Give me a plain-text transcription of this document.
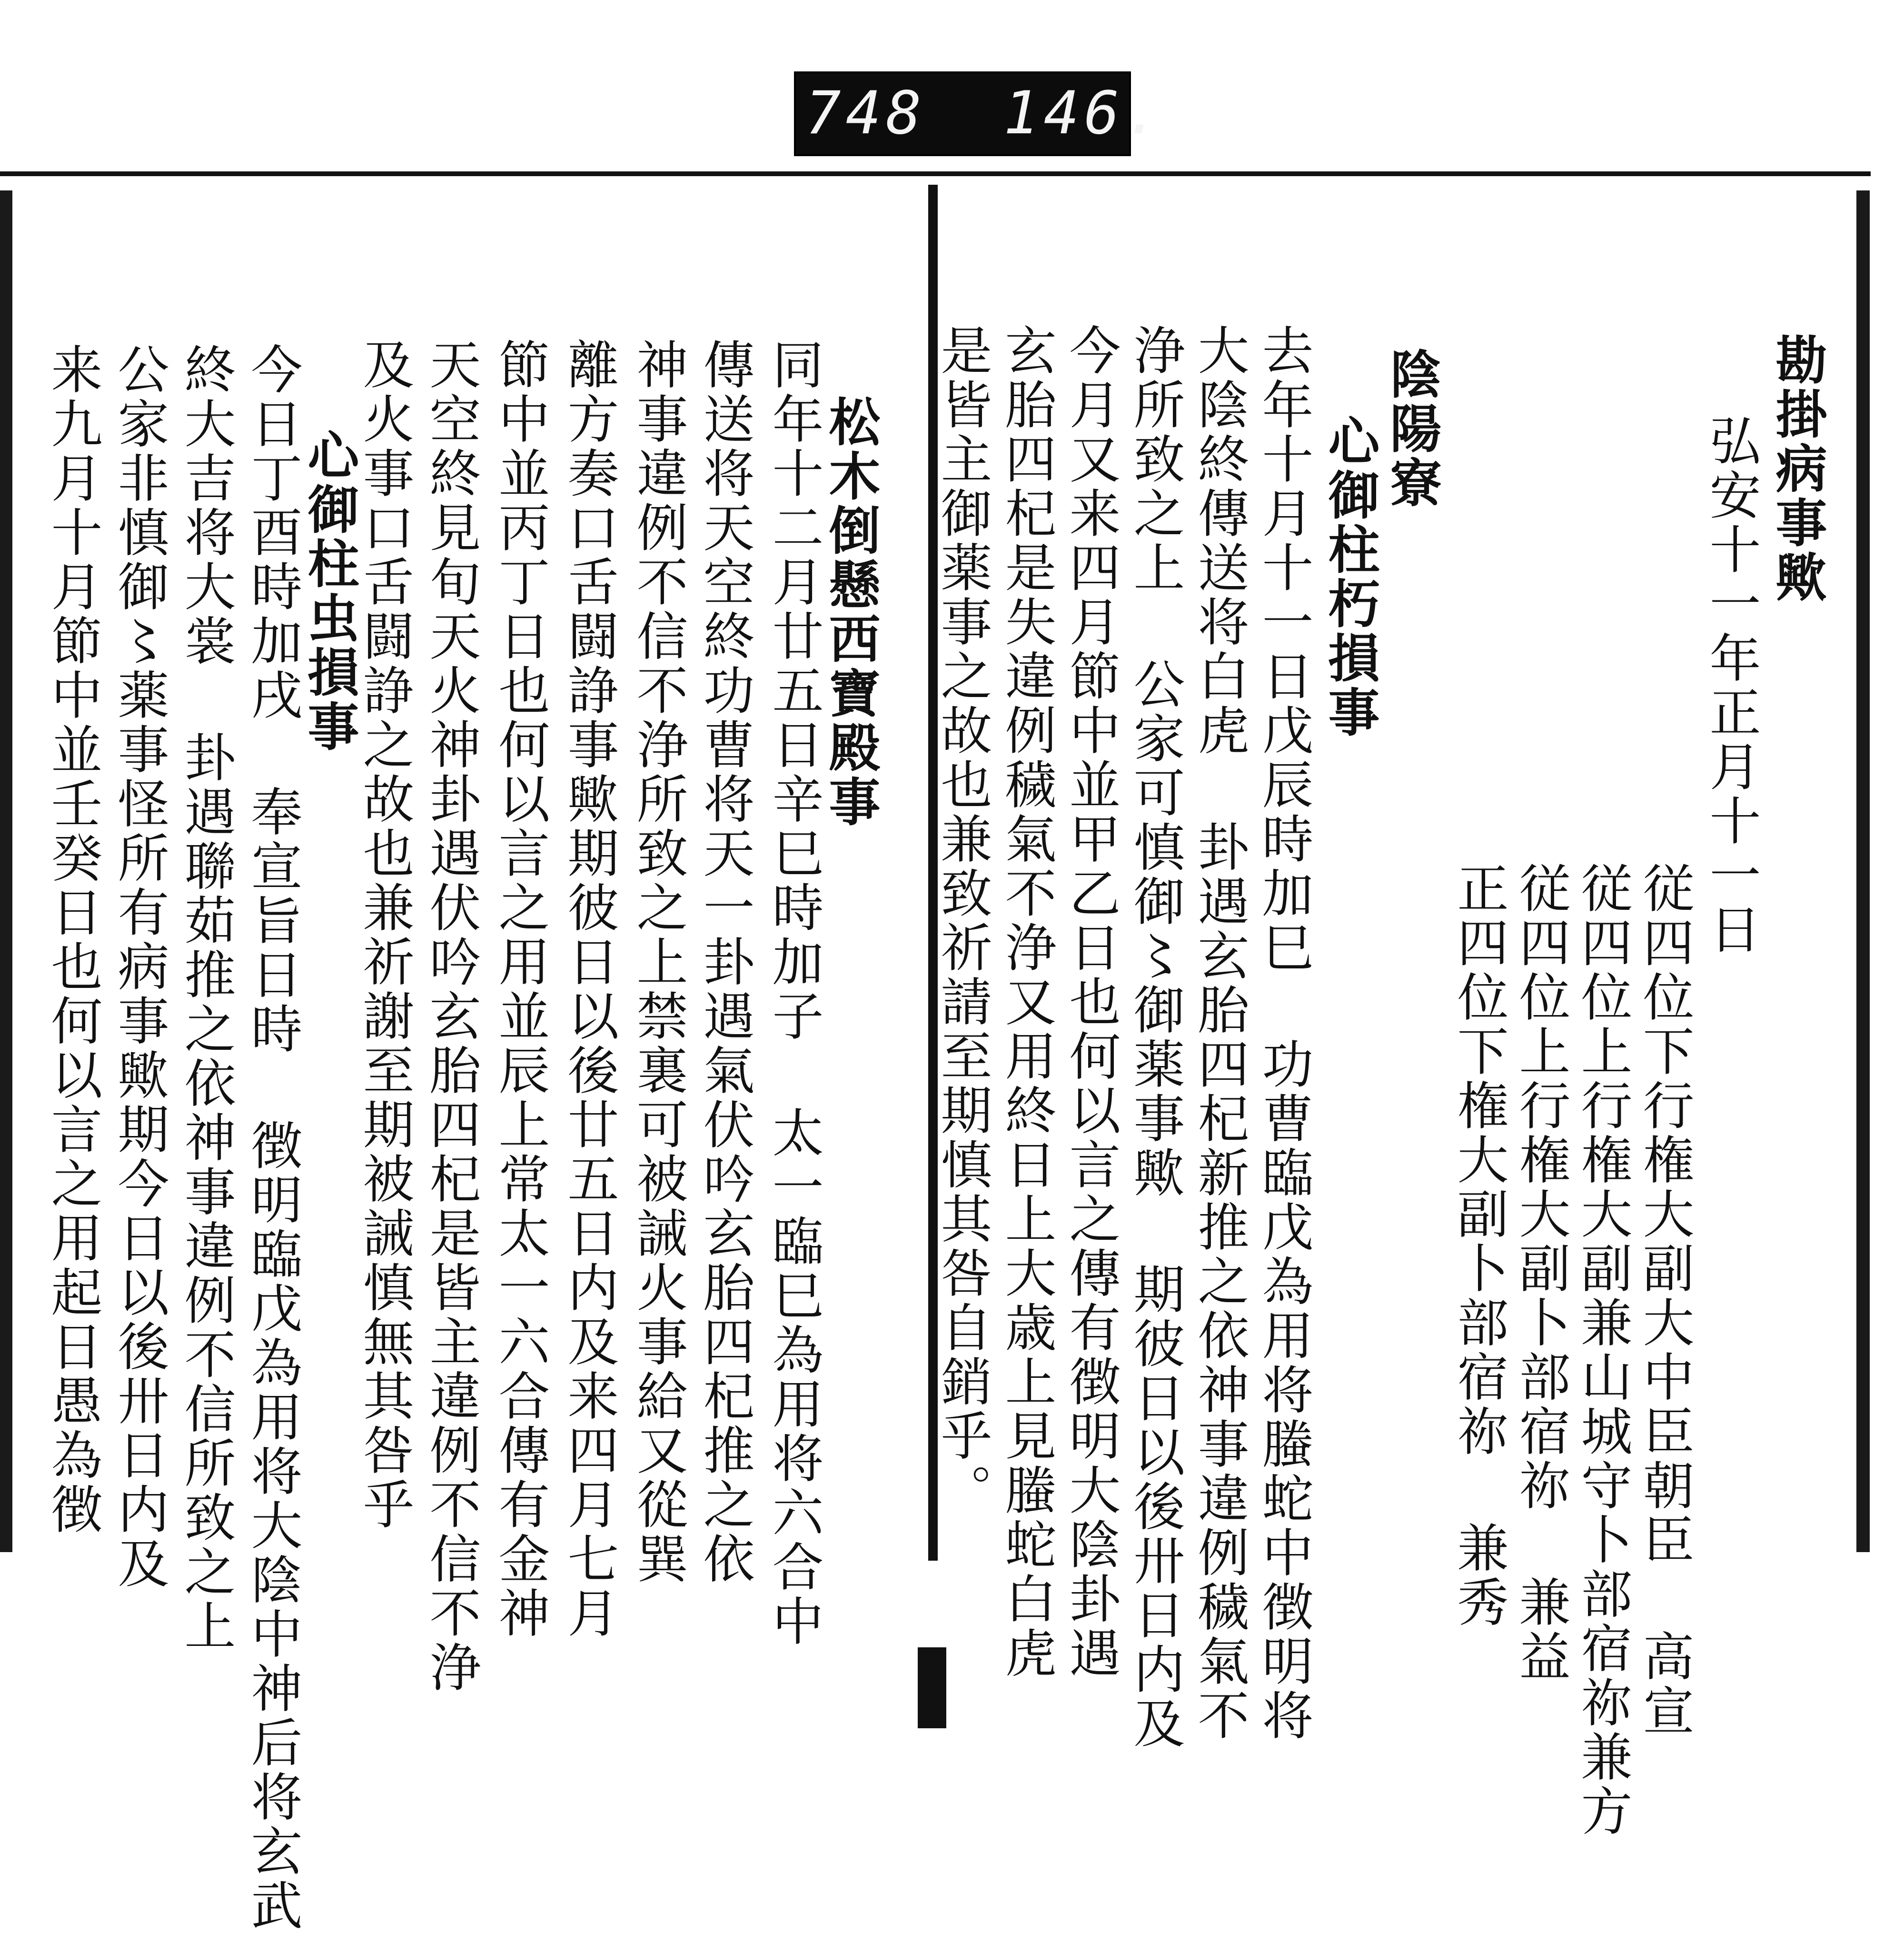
748 146.
松木倒懸西寶殿事
同年十二月廿五日辛巳時加子 太一臨巳為用将六合中
傳送将天空終功曹将天一卦遇氣伏吟玄胎四杞推之依
神事違例不信不浄所致之上禁裏可被誡火事給又從巽
離方奏口舌闘諍事歟期彼日以後廿五日内及来四月七月
節中並丙丁日也何以言之用並辰上常太一六合傳有金神
天空終見旬天火神卦遇伏吟玄胎四杞是皆主違例不信不浄
及火事口舌闘諍之故也兼祈謝至期被誡慎無其咎乎
心御柱虫損事
今日丁酉時加戌 奉宣旨日時 徴明臨戊為用将大陰中神后将玄武
終大吉将大裳 卦遇聯茹推之依神事違例不信所致之上
公家非慎御〻薬事怪所有病事歟期今日以後卅日内及
来九月十月節中並壬癸日也何以言之用起日愚為徴	勘掛病事歟
弘安十一年正月十一日
従四位下行権大副大中臣朝臣 高宣
従四位上行権大副兼山城守卜部宿祢兼方
従四位上行権大副卜部宿祢 兼益
正四位下権大副卜部宿祢 兼秀
陰陽寮
心御柱朽損事
去年十月十一日戊辰時加巳 功曹臨戊為用将螣蛇中徴明将
大陰終傳送将白虎 卦遇玄胎四杞新推之依神事違例穢氣不
浄所致之上 公家可慎御〻御薬事歟 期彼日以後卅日内及
今月又来四月節中並甲乙日也何以言之傳有徴明大陰卦遇
玄胎四杞是失違例穢氣不浄又用終日上大歳上見螣蛇白虎
是皆主御薬事之故也兼致祈請至期慎其咎自銷乎。
